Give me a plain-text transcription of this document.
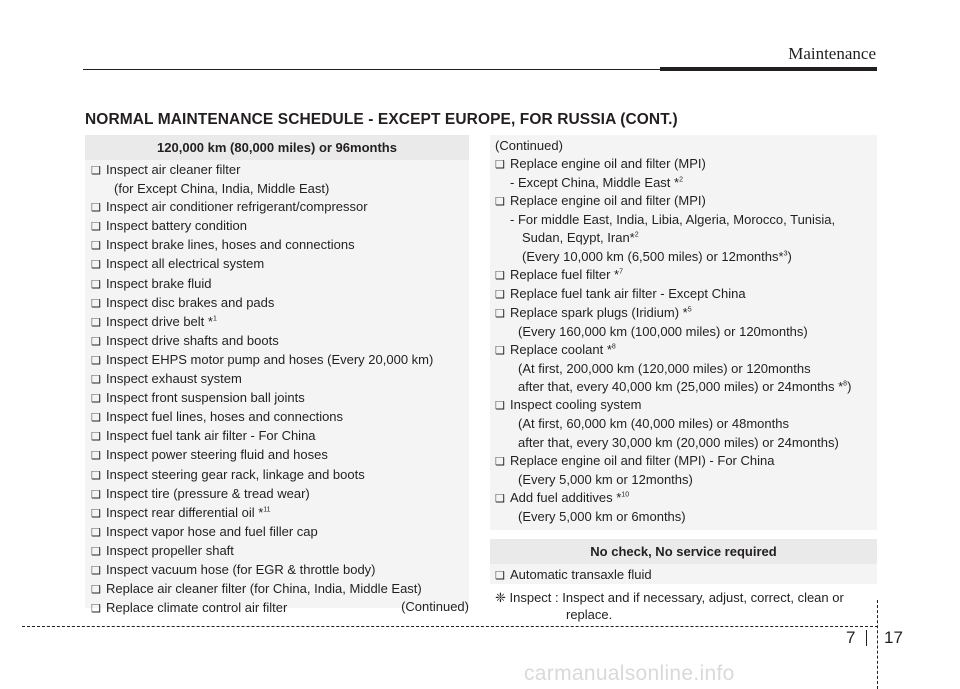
Maintenance
NORMAL MAINTENANCE SCHEDULE - EXCEPT EUROPE, FOR RUSSIA (CONT.)
120,000 km (80,000 miles) or 96months
❑ Inspect air cleaner filter
(for Except China, India, Middle East)
❑ Inspect air conditioner refrigerant/compressor
❑ Inspect battery condition
❑ Inspect brake lines, hoses and connections
❑ Inspect all electrical system
❑ Inspect brake fluid
❑ Inspect disc brakes and pads
❑ Inspect drive belt *$^1$
❑ Inspect drive shafts and boots
❑ Inspect EHPS motor pump and hoses (Every 20,000 km)
❑ Inspect exhaust system
❑ Inspect front suspension ball joints
❑ Inspect fuel lines, hoses and connections
❑ Inspect fuel tank air filter - For China
❑ Inspect power steering fluid and hoses
❑ Inspect steering gear rack, linkage and boots
❑ Inspect tire (pressure & tread wear)
❑ Inspect rear differential oil *$^{11}$
❑ Inspect vapor hose and fuel filler cap
❑ Inspect propeller shaft
❑ Inspect vacuum hose (for EGR & throttle body)
❑ Replace air cleaner filter (for China, India, Middle East)
❑ Replace climate control air filter	(Continued)
(Continued)
❑ Replace engine oil and filter (MPI)
- Except China, Middle East *$^2$
❑ Replace engine oil and filter (MPI)
- For middle East, India, Libia, Algeria, Morocco, Tunisia,
Sudan, Eqypt, Iran*$^2$
(Every 10,000 km (6,500 miles) or 12months*$^3$)
❑ Replace fuel filter *$^7$
❑ Replace fuel tank air filter - Except China
❑ Replace spark plugs (Iridium) *$^5$
(Every 160,000 km (100,000 miles) or 120months)
❑ Replace coolant *$^8$
(At first, 200,000 km (120,000 miles) or 120months
after that, every 40,000 km (25,000 miles) or 24months *$^8$)
❑ Inspect cooling system
(At first, 60,000 km (40,000 miles) or 48months
after that, every 30,000 km (20,000 miles) or 24months)
❑ Replace engine oil and filter (MPI) - For China
(Every 5,000 km or 12months)
❑ Add fuel additives *$^{10}$
(Every 5,000 km or 6months)
No check, No service required
❑ Automatic transaxle fluid
❈ Inspect : Inspect and if necessary, adjust, correct, clean or
replace.
7 17
carmanualsonline.info
